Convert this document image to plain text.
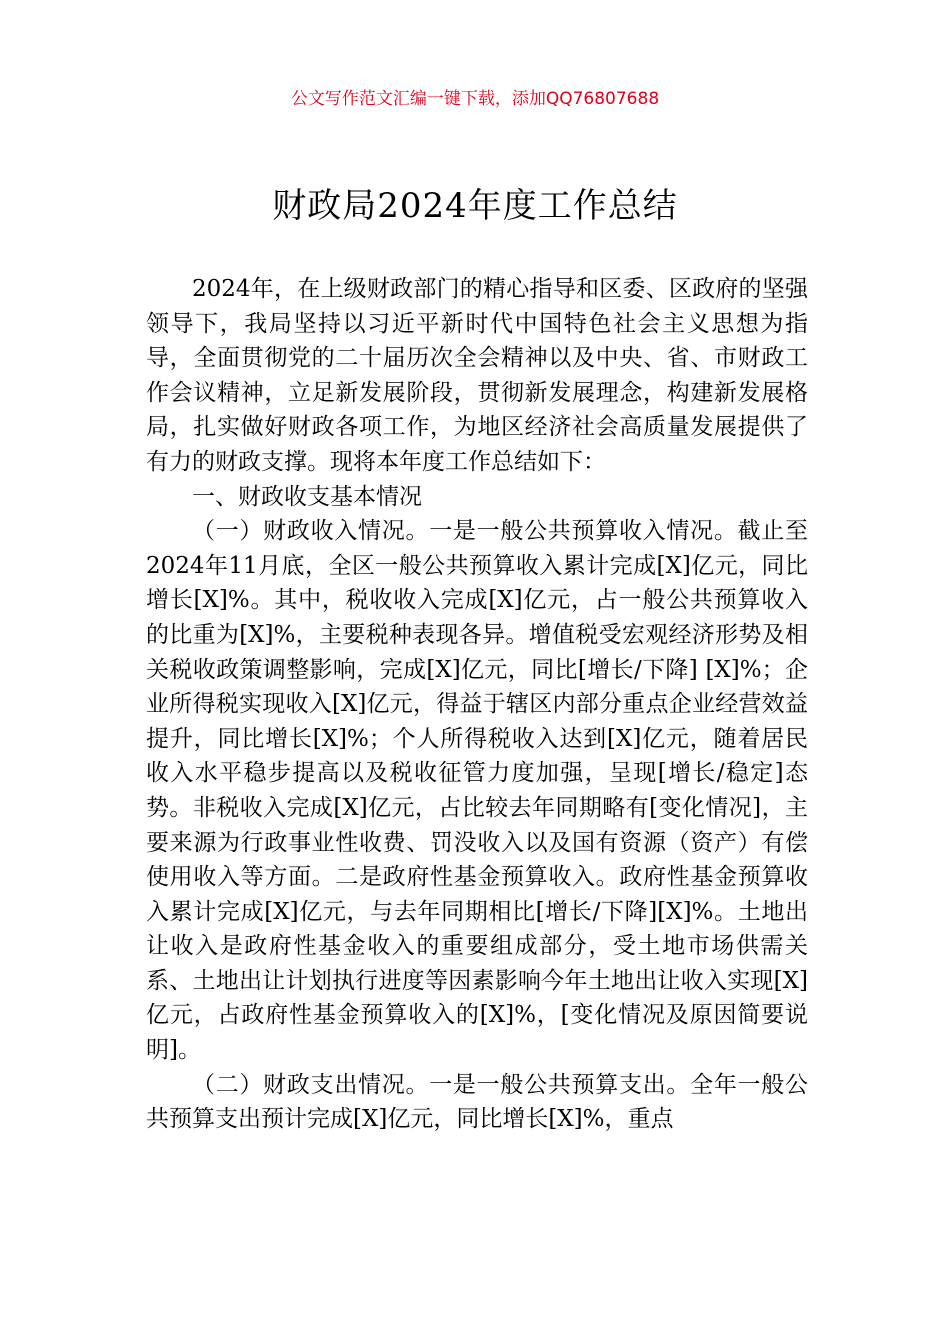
公文写作范文汇编一键下载，添加QQ76807688
财政局2024年度工作总结

2024年，在上级财政部门的精心指导和区委、区政府的坚强领导下，我局坚持以习近平新时代中国特色社会主义思想为指导，全面贯彻党的二十届历次全会精神以及中央、省、市财政工作会议精神，立足新发展阶段，贯彻新发展理念，构建新发展格局，扎实做好财政各项工作，为地区经济社会高质量发展提供了有力的财政支撑。现将本年度工作总结如下：

一、财政收支基本情况

（一）财政收入情况。一是一般公共预算收入情况。截止至2024年11月底，全区一般公共预算收入累计完成[X]亿元，同比增长[X]%。其中，税收收入完成[X]亿元，占一般公共预算收入的比重为[X]%，主要税种表现各异。增值税受宏观经济形势及相关税收政策调整影响，完成[X]亿元，同比[增长/下降] [X]%；企业所得税实现收入[X]亿元，得益于辖区内部分重点企业经营效益提升，同比增长[X]%；个人所得税收入达到[X]亿元，随着居民收入水平稳步提高以及税收征管力度加强，呈现[增长/稳定]态势。非税收入完成[X]亿元，占比较去年同期略有[变化情况]，主要来源为行政事业性收费、罚没收入以及国有资源（资产）有偿使用收入等方面。二是政府性基金预算收入。政府性基金预算收入累计完成[X]亿元，与去年同期相比[增长/下降][X]%。土地出让收入是政府性基金收入的重要组成部分，受土地市场供需关系、土地出让计划执行进度等因素影响今年土地出让收入实现[X]亿元，占政府性基金预算收入的[X]%，[变化情况及原因简要说明]。

（二）财政支出情况。一是一般公共预算支出。全年一般公共预算支出预计完成[X]亿元，同比增长[X]%，重点
